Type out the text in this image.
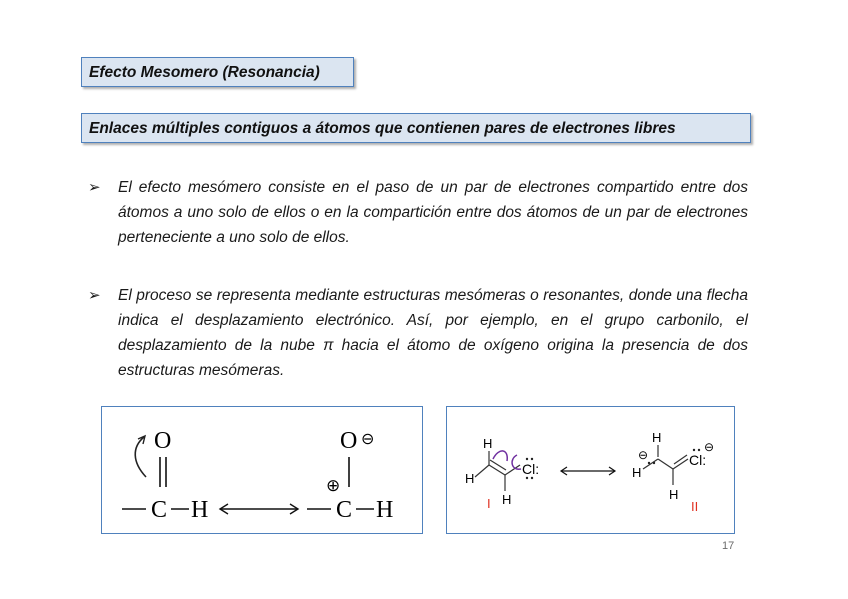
Efecto Mesomero (Resonancia)
Enlaces múltiples contiguos a átomos que contienen pares de electrones libres
➢ El efecto mesómero consiste en el paso de un par de electrones compartido entre dos átomos a uno solo de ellos o en la compartición entre dos átomos de un par de electrones perteneciente a uno solo de ellos.
➢ El proceso se representa mediante estructuras mesómeras o resonantes, donde una flecha indica el desplazamiento electrónico. Así, por ejemplo, en el grupo carbonilo, el desplazamiento de la nube π hacia el átomo de oxígeno origina la presencia de dos estructuras mesómeras.
O
C H
O ⊖
⊕
C H
H
H
H
Cl:
I
H
H
H
⊖	Cl:
⊖
II
17
